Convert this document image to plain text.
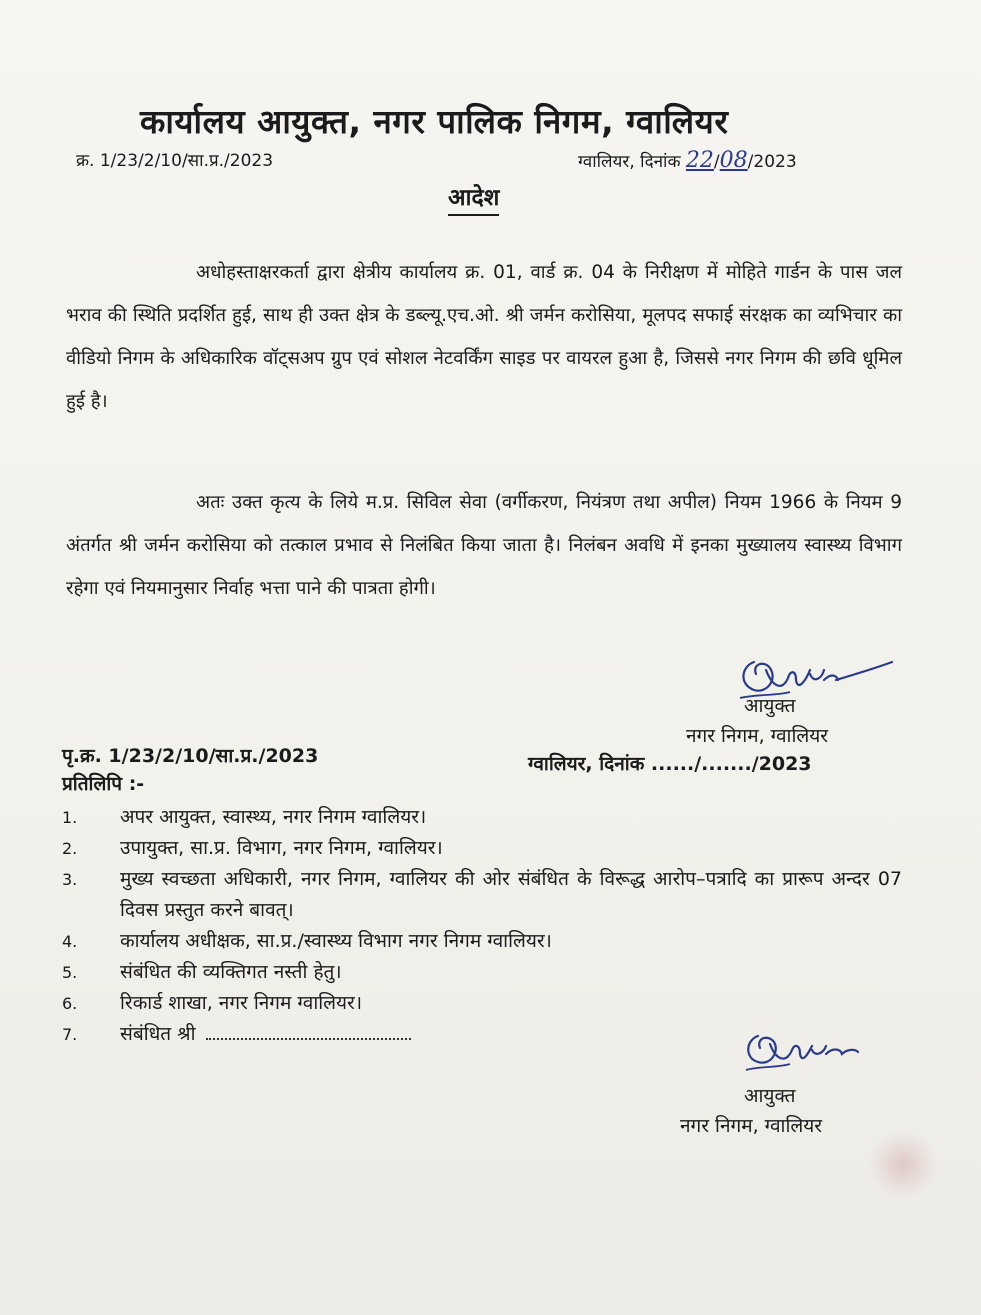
कार्यालय आयुक्त, नगर पालिक निगम, ग्वालियर
क्र. 1/23/2/10/सा.प्र./2023	ग्वालियर, दिनांक 22/08/2023
आदेश

अधोहस्ताक्षरकर्ता द्वारा क्षेत्रीय कार्यालय क्र. 01, वार्ड क्र. 04 के निरीक्षण में मोहिते गार्डन के पास जल भराव की स्थिति प्रदर्शित हुई, साथ ही उक्त क्षेत्र के डब्ल्यू.एच.ओ. श्री जर्मन करोसिया, मूलपद सफाई संरक्षक का व्यभिचार का वीडियो निगम के अधिकारिक वॉट्सअप ग्रुप एवं सोशल नेटवर्किंग साइड पर वायरल हुआ है, जिससे नगर निगम की छवि धूमिल हुई है।

अतः उक्त कृत्य के लिये म.प्र. सिविल सेवा (वर्गीकरण, नियंत्रण तथा अपील) नियम 1966 के नियम 9 अंतर्गत श्री जर्मन करोसिया को तत्काल प्रभाव से निलंबित किया जाता है। निलंबन अवधि में इनका मुख्यालय स्वास्थ्य विभाग रहेगा एवं नियमानुसार निर्वाह भत्ता पाने की पात्रता होगी।

आयुक्त
नगर निगम, ग्वालियर
पृ.क्र. 1/23/2/10/सा.प्र./2023	ग्वालियर, दिनांक ....../......./2023
प्रतिलिपि :-
1. अपर आयुक्त, स्वास्थ्य, नगर निगम ग्वालियर।
2. उपायुक्त, सा.प्र. विभाग, नगर निगम, ग्वालियर।
3. मुख्य स्वच्छता अधिकारी, नगर निगम, ग्वालियर की ओर संबंधित के विरूद्ध आरोप–पत्रादि का प्रारूप अन्दर 07 दिवस प्रस्तुत करने बावत्।
4. कार्यालय अधीक्षक, सा.प्र./स्वास्थ्य विभाग नगर निगम ग्वालियर।
5. संबंधित की व्यक्तिगत नस्ती हेतु।
6. रिकार्ड शाखा, नगर निगम ग्वालियर।
7. संबंधित श्री
आयुक्त
नगर निगम, ग्वालियर
